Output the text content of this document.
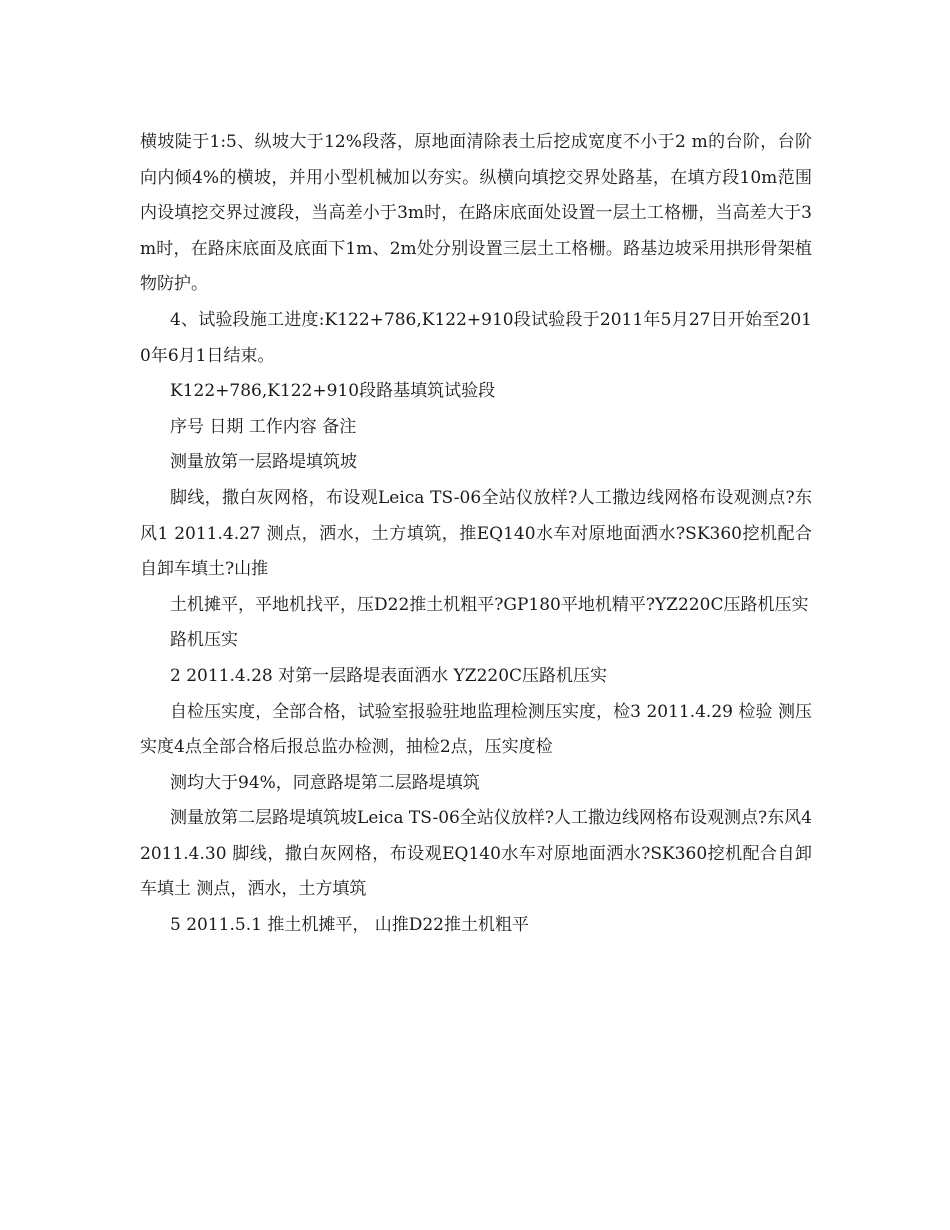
横坡陡于1:5、纵坡大于12%段落，原地面清除表土后挖成宽度不小于2 m的台阶，台阶向内倾4%的横坡，并用小型机械加以夯实。纵横向填挖交界处路基，在填方段10m范围内设填挖交界过渡段，当高差小于3m时，在路床底面处设置一层土工格栅，当高差大于3m时，在路床底面及底面下1m、2m处分别设置三层土工格栅。路基边坡采用拱形骨架植物防护。

4、试验段施工进度:K122+786,K122+910段试验段于2011年5月27日开始至2010年6月1日结束。

K122+786,K122+910段路基填筑试验段

序号 日期 工作内容 备注

测量放第一层路堤填筑坡

脚线，撒白灰网格，布设观Leica TS-06全站仪放样?人工撒边线网格布设观测点?东风1 2011.4.27 测点，洒水，土方填筑，推EQ140水车对原地面洒水?SK360挖机配合自卸车填土?山推

土机摊平，平地机找平，压D22推土机粗平?GP180平地机精平?YZ220C压路机压实

路机压实

2 2011.4.28 对第一层路堤表面洒水 YZ220C压路机压实

自检压实度，全部合格，试验室报验驻地监理检测压实度，检3 2011.4.29 检验 测压实度4点全部合格后报总监办检测，抽检2点，压实度检

测均大于94%，同意路堤第二层路堤填筑

测量放第二层路堤填筑坡Leica TS-06全站仪放样?人工撒边线网格布设观测点?东风4 2011.4.30 脚线，撒白灰网格，布设观EQ140水车对原地面洒水?SK360挖机配合自卸车填土 测点，洒水，土方填筑

5 2011.5.1 推土机摊平， 山推D22推土机粗平
